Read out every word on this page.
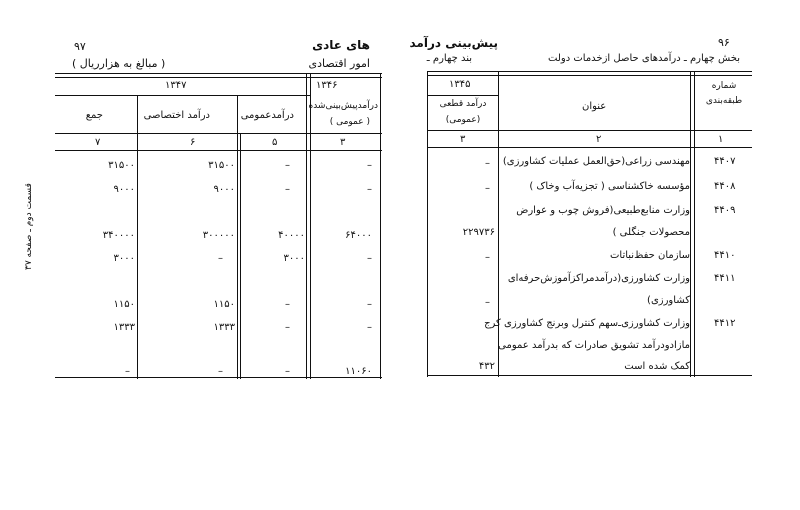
۹۷	های عادی
امور اقتصادی
( مبالغ به هزارریال )
قسمت دوم ـ صفحه ۳۷
۱۳۴۶
۱۳۴۷
درآمدپیش‌بینی‌شده
( عمومی )
درآمدعمومی
درآمد اختصاصی
جمع
۳
۵
۶
۷
–
–
۳۱۵۰۰
۳۱۵۰۰
–
–
۹۰۰۰
۹۰۰۰
۶۴۰۰۰
۴۰۰۰۰
۳۰۰۰۰۰
۳۴۰۰۰۰
–
۳۰۰۰
–
۳۰۰۰
–
–
۱۱۵۰
۱۱۵۰
–
–
۱۳۳۳
۱۳۳۳
۱۱۰۶۰
–
–
–
۹۶
پیش‌بینی درآمد
بخش چهارم ـ درآمدهای حاصل ازخدمات دولت
بند چهارم ـ
شماره
طبقه‌بندی
عنوان
۱۳۴۵
درآمد قطعی
(عمومی)
۱
۲
۳
۴۴۰۷
مهندسی زراعی(حق‌العمل عملیات کشاورزی)
–
۴۴۰۸
مؤسسه خاکشناسی ( تجزیه‌آب وخاک )
–
۴۴۰۹
وزارت منابع‌طبیعی(فروش چوب و عوارض
محصولات جنگلی )
۲۲۹۷۳۶
۴۴۱۰
سازمان حفظ‌نباتات
–
۴۴۱۱
وزارت کشاورزی(درآمدمراکزآموزش‌حرفه‌ای
کشاورزی)
–
۴۴۱۲
وزارت کشاورزی‌ـ‌سهم کنترل وبرنج کشاورزی کرج
مازادودرآمد تشویق صادرات که بدرآمد عمومی
کمک شده است
۴۳۲
